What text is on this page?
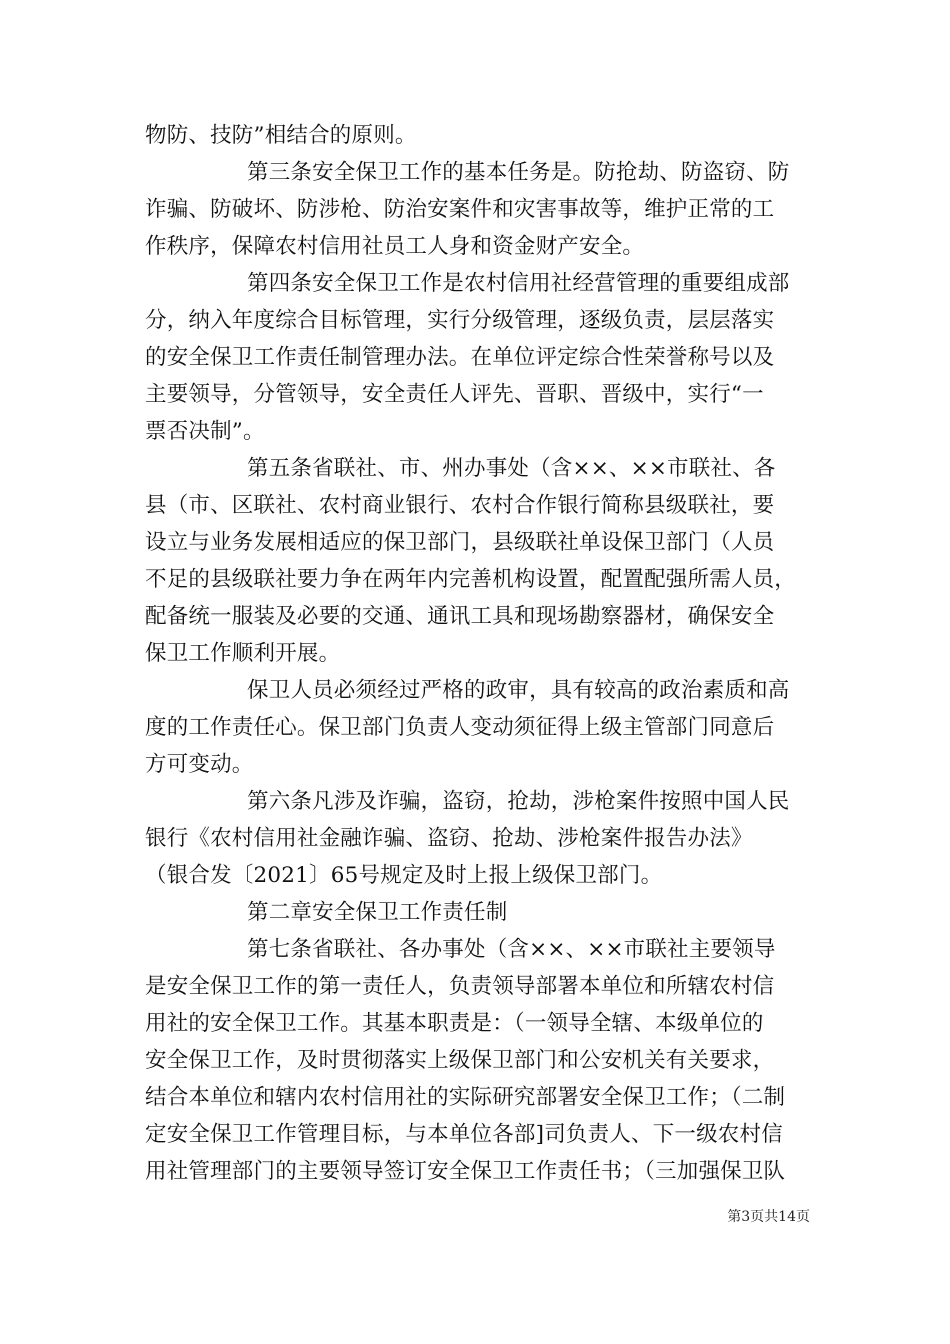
物防、技防”相结合的原则。
第三条安全保卫工作的基本任务是。防抢劫、防盗窃、防
诈骗、防破坏、防涉枪、防治安案件和灾害事故等，维护正常的工
作秩序，保障农村信用社员工人身和资金财产安全。
第四条安全保卫工作是农村信用社经营管理的重要组成部
分，纳入年度综合目标管理，实行分级管理，逐级负责，层层落实
的安全保卫工作责任制管理办法。在单位评定综合性荣誉称号以及
主要领导，分管领导，安全责任人评先、晋职、晋级中，实行“一
票否决制”。
第五条省联社、市、州办事处（含××、××市联社、各
县（市、区联社、农村商业银行、农村合作银行简称县级联社，要
设立与业务发展相适应的保卫部门，县级联社单设保卫部门（人员
不足的县级联社要力争在两年内完善机构设置，配置配强所需人员，
配备统一服装及必要的交通、通讯工具和现场勘察器材，确保安全
保卫工作顺利开展。
保卫人员必须经过严格的政审，具有较高的政治素质和高
度的工作责任心。保卫部门负责人变动须征得上级主管部门同意后
方可变动。
第六条凡涉及诈骗，盗窃，抢劫，涉枪案件按照中国人民
银行《农村信用社金融诈骗、盗窃、抢劫、涉枪案件报告办法》
（银合发〔2021〕65号规定及时上报上级保卫部门。
第二章安全保卫工作责任制
第七条省联社、各办事处（含××、××市联社主要领导
是安全保卫工作的第一责任人，负责领导部署本单位和所辖农村信
用社的安全保卫工作。其基本职责是：（一领导全辖、本级单位的
安全保卫工作，及时贯彻落实上级保卫部门和公安机关有关要求，
结合本单位和辖内农村信用社的实际研究部署安全保卫工作；（二制
定安全保卫工作管理目标，与本单位各部]司负责人、下一级农村信
用社管理部门的主要领导签订安全保卫工作责任书；（三加强保卫队
第3页共14页
